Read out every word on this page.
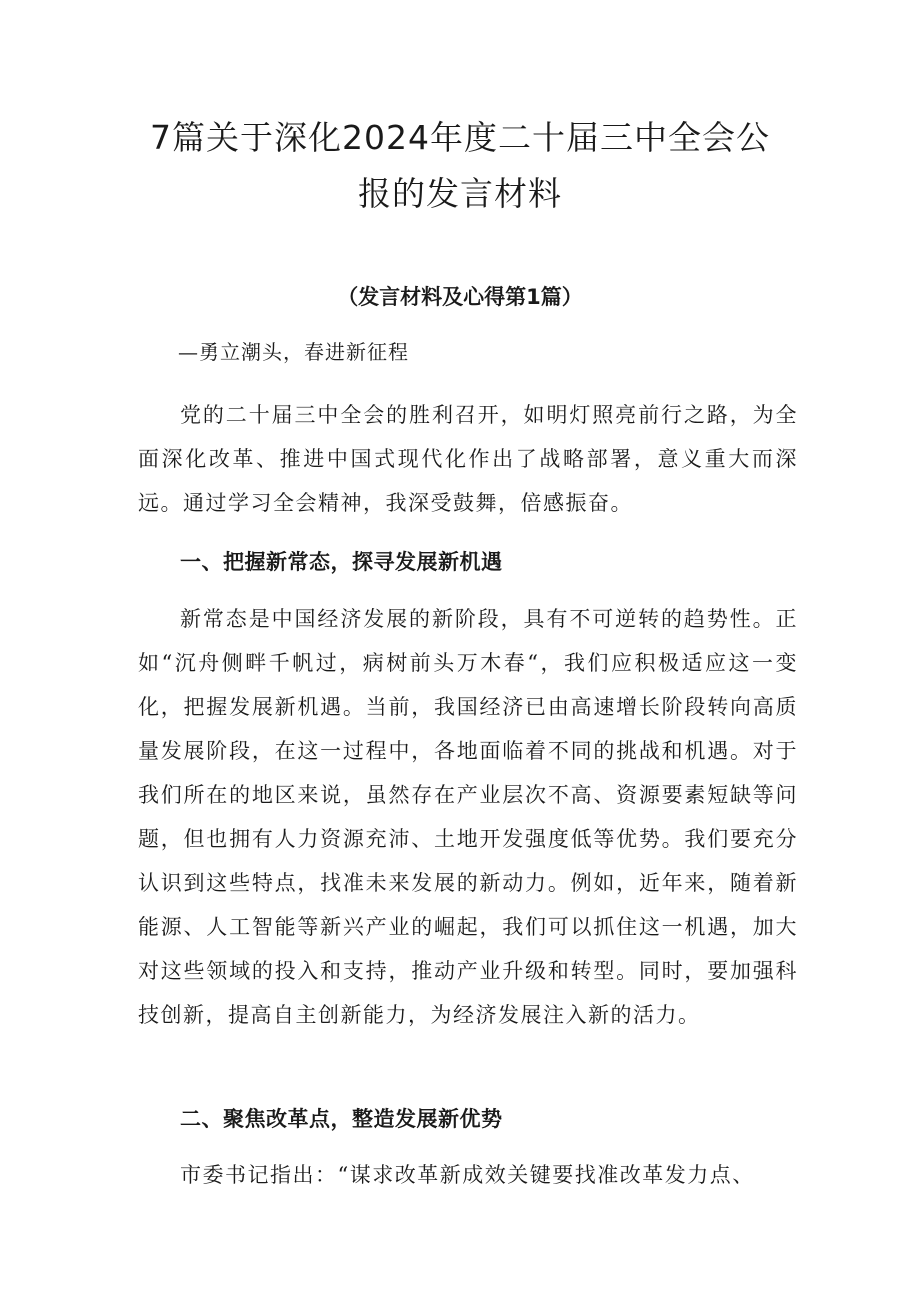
7篇关于深化2024年度二十届三中全会公
报的发言材料
（发言材料及心得第1篇）
—勇立潮头，春进新征程

党的二十届三中全会的胜利召开，如明灯照亮前行之路，为全面深化改革、推进中国式现代化作出了战略部署，意义重大而深远。通过学习全会精神，我深受鼓舞，倍感振奋。

一、把握新常态，探寻发展新机遇

新常态是中国经济发展的新阶段，具有不可逆转的趋势性。正如“沉舟侧畔千帆过，病树前头万木春“，我们应积极适应这一变化，把握发展新机遇。当前，我国经济已由高速增长阶段转向高质量发展阶段，在这一过程中，各地面临着不同的挑战和机遇。对于我们所在的地区来说，虽然存在产业层次不高、资源要素短缺等问题，但也拥有人力资源充沛、土地开发强度低等优势。我们要充分认识到这些特点，找准未来发展的新动力。例如，近年来，随着新能源、人工智能等新兴产业的崛起，我们可以抓住这一机遇，加大对这些领域的投入和支持，推动产业升级和转型。同时，要加强科技创新，提高自主创新能力，为经济发展注入新的活力。

二、聚焦改革点，整造发展新优势

市委书记指出：“谋求改革新成效关键要找准改革发力点、
